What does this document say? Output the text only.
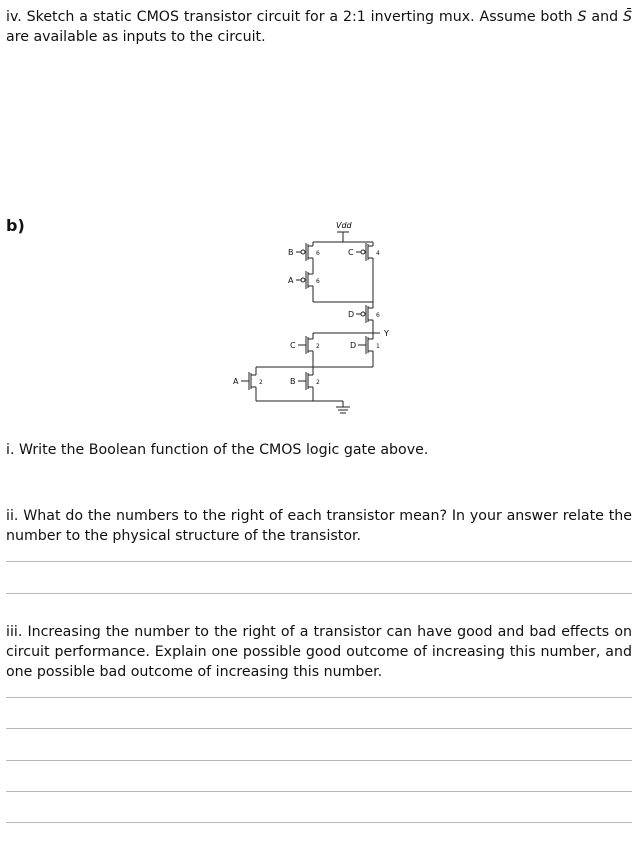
iv. Sketch a static CMOS transistor circuit for a 2:1 inverting mux. Assume both S and S̄ are available as inputs to the circuit.
b)	Vdd
Y
B	6	C	4
A	6
D	6
C	2	D	1
A	2	B	2
i. Write the Boolean function of the CMOS logic gate above.
ii. What do the numbers to the right of each transistor mean? In your answer relate the number to the physical structure of the transistor.
iii. Increasing the number to the right of a transistor can have good and bad effects on circuit performance. Explain one possible good outcome of increasing this number, and one possible bad outcome of increasing this number.
